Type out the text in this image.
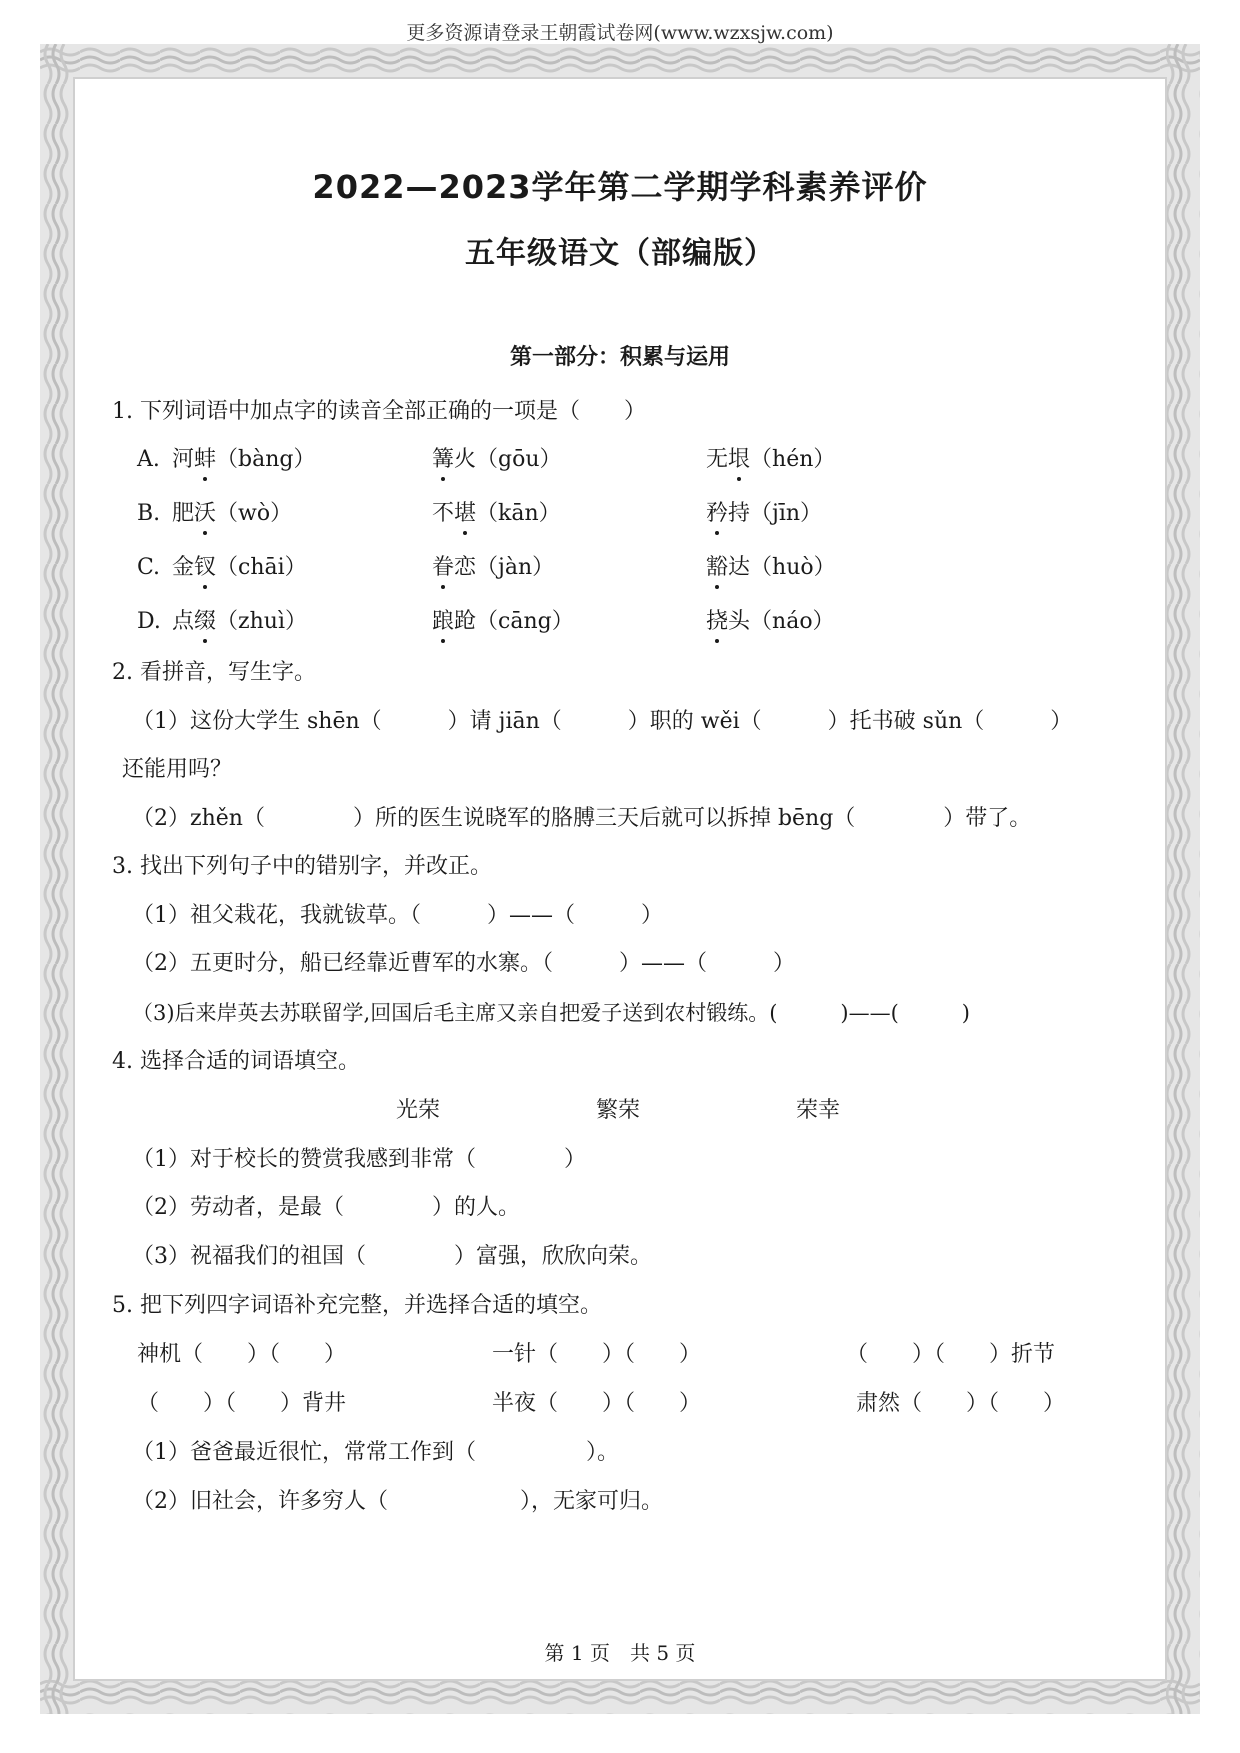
更多资源请登录王朝霞试卷网(www.wzxsjw.com)
2022—2023学年第二学期学科素养评价
五年级语文（部编版）
第一部分：积累与运用
1. 下列词语中加点字的读音全部正确的一项是（　　）
A. 河蚌（bàng）	篝火（gōu）	无垠（hén）
B. 肥沃（wò）	不堪（kān）	矜持（jīn）
C. 金钗（chāi）	眷恋（jàn）	豁达（huò）
D. 点缀（zhuì）	踉跄（cāng）	挠头（náo）
2. 看拼音，写生字。
（1）这份大学生 shēn（　　　）请 jiān（　　　）职的 wěi（　　　）托书破 sǔn（　　　）
还能用吗？
（2）zhěn（　　　　）所的医生说晓军的胳膊三天后就可以拆掉 bēng（　　　　）带了。
3. 找出下列句子中的错别字，并改正。
（1）祖父栽花，我就钹草。（　　　）——（　　　）
（2）五更时分，船已经靠近曹军的水寨。（　　　）——（　　　）
（3)后来岸英去苏联留学,回国后毛主席又亲自把爱子送到农村锻练。(　　　)——(　　　)
4. 选择合适的词语填空。
光荣	繁荣	荣幸
（1）对于校长的赞赏我感到非常（　　　　）
（2）劳动者，是最（　　　　）的人。
（3）祝福我们的祖国（　　　　）富强，欣欣向荣。
5. 把下列四字词语补充完整，并选择合适的填空。
神机（　　）（　　）	一针（　　）（　　）	（　　）（　　）折节
（　　）（　　）背井	半夜（　　）（　　）	肃然（　　）（　　）
（1）爸爸最近很忙，常常工作到（　　　　　）。
（2）旧社会，许多穷人（　　　　　　），无家可归。
第 1 页　共 5 页
